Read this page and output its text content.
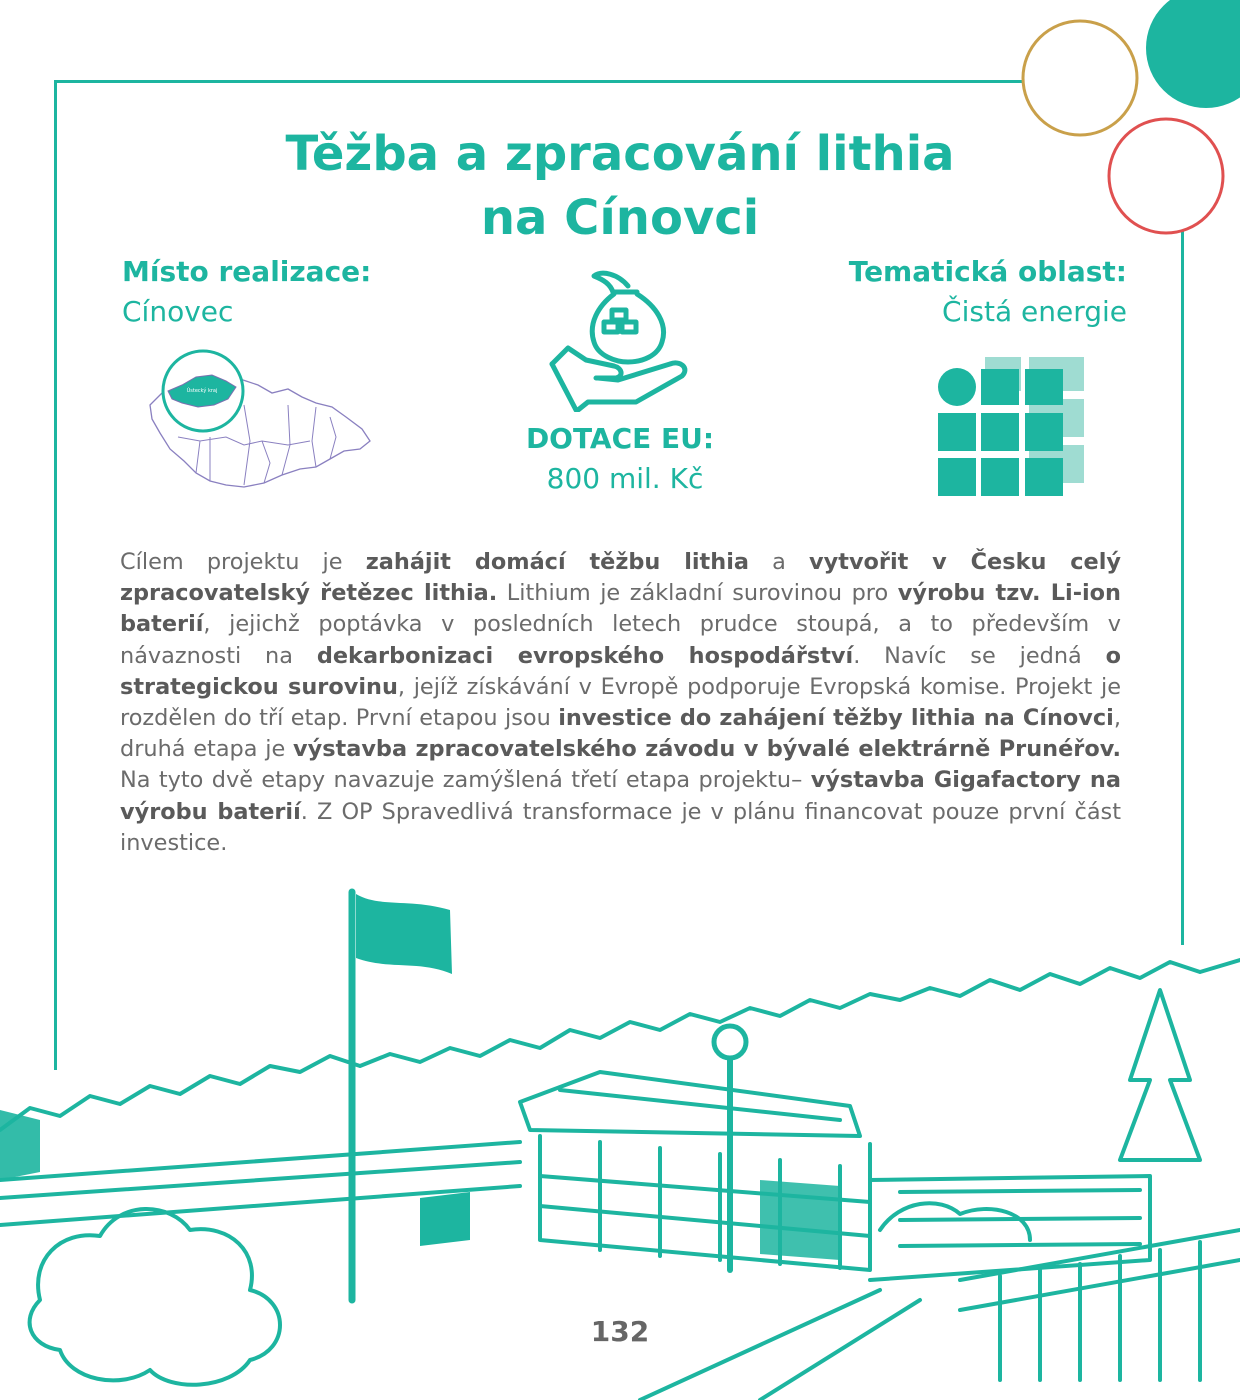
Těžba a zpracování lithia
na Cínovci
Místo realizace:
Cínovec
Ústecký kraj
DOTACE EU:
800 mil. Kč
Tematická oblast:
Čistá energie
Cílem projektu je zahájit domácí těžbu lithia a vytvořit v Česku celý zpracovatelský řetězec lithia. Lithium je základní surovinou pro výrobu tzv. Li-ion baterií, jejichž poptávka v posledních letech prudce stoupá, a to především v návaznosti na dekarbonizaci evropského hospodářství. Navíc se jedná o strategickou surovinu, jejíž získávání v Evropě podporuje Evropská komise. Projekt je rozdělen do tří etap. První etapou jsou investice do zahájení těžby lithia na Cínovci, druhá etapa je výstavba zpracovatelského závodu v bývalé elektrárně Prunéřov. Na tyto dvě etapy navazuje zamýšlená třetí etapa projektu– výstavba Gigafactory na výrobu baterií. Z OP Spravedlivá transformace je v plánu financovat pouze první část investice.
132
